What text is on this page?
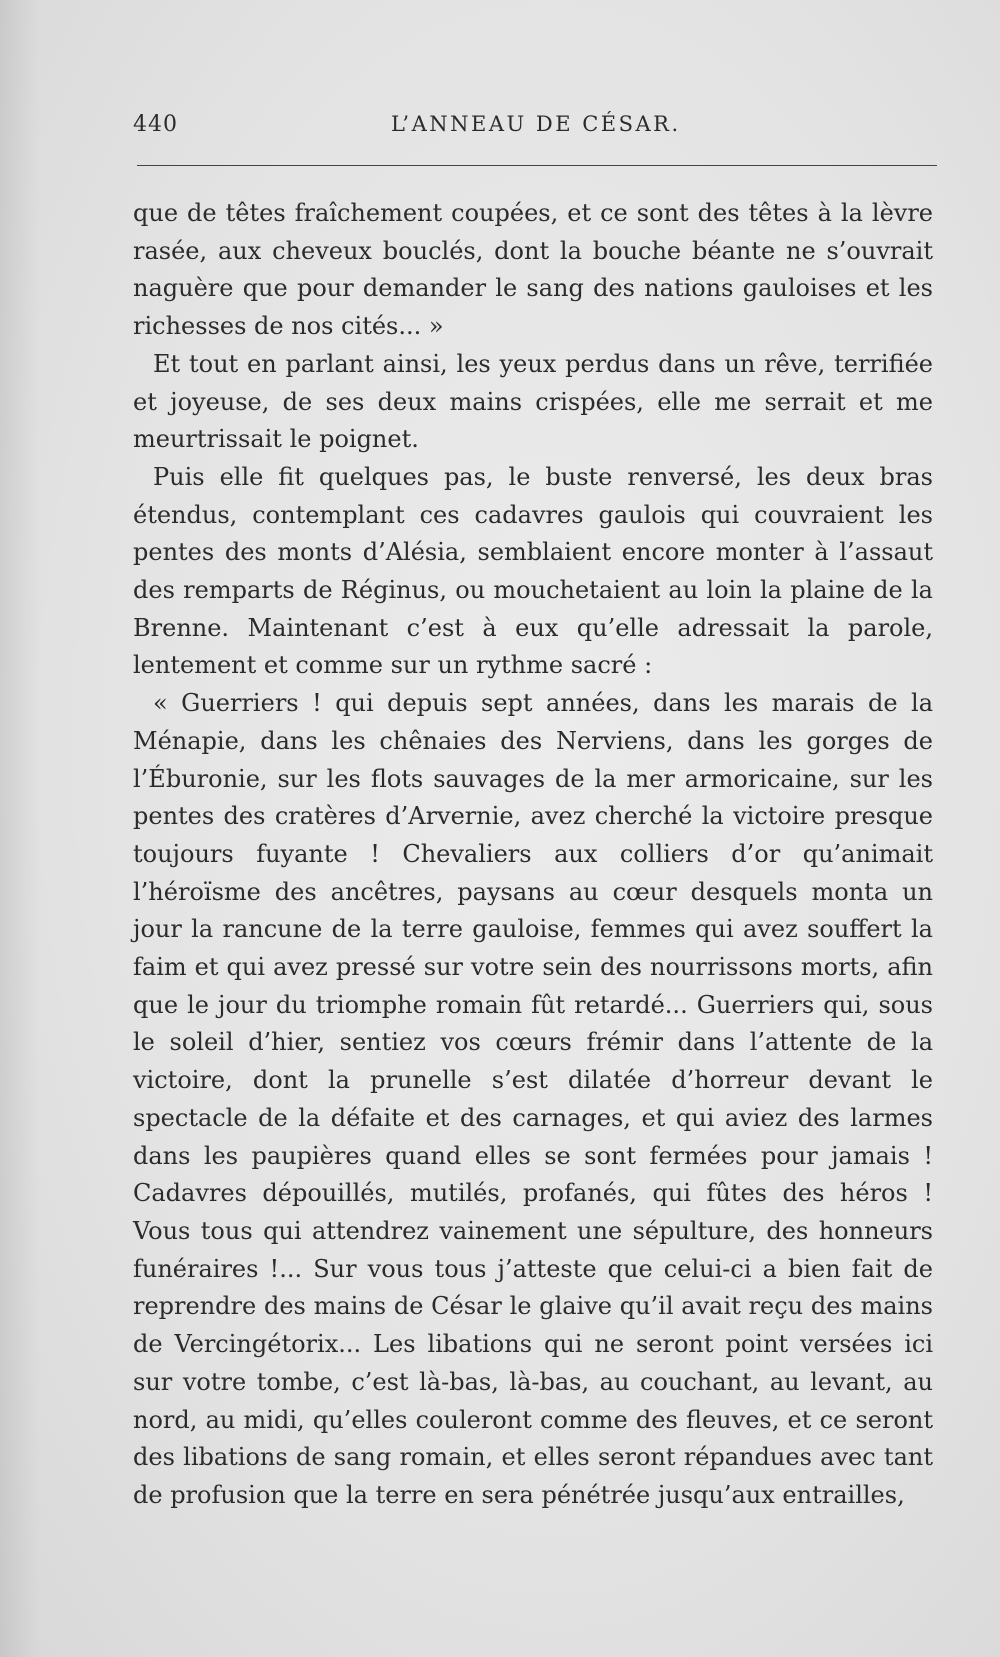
440	L’ANNEAU DE CÉSAR.

que de têtes fraîchement coupées, et ce sont des têtes à la lèvre rasée, aux cheveux bouclés, dont la bouche béante ne s’ouvrait naguère que pour demander le sang des nations gauloises et les richesses de nos cités... »

Et tout en parlant ainsi, les yeux perdus dans un rêve, terrifiée et joyeuse, de ses deux mains crispées, elle me serrait et me meurtrissait le poignet.

Puis elle fit quelques pas, le buste renversé, les deux bras étendus, contemplant ces cadavres gaulois qui couvraient les pentes des monts d’Alésia, semblaient encore monter à l’assaut des remparts de Réginus, ou mouchetaient au loin la plaine de la Brenne. Maintenant c’est à eux qu’elle adressait la parole, lentement et comme sur un rythme sacré :

« Guerriers ! qui depuis sept années, dans les marais de la Ménapie, dans les chênaies des Nerviens, dans les gorges de l’Éburonie, sur les flots sauvages de la mer armoricaine, sur les pentes des cratères d’Arvernie, avez cherché la victoire presque toujours fuyante ! Chevaliers aux colliers d’or qu’animait l’héroïsme des ancêtres, paysans au cœur desquels monta un jour la rancune de la terre gauloise, femmes qui avez souffert la faim et qui avez pressé sur votre sein des nourrissons morts, afin que le jour du triomphe romain fût retardé... Guerriers qui, sous le soleil d’hier, sentiez vos cœurs frémir dans l’attente de la victoire, dont la prunelle s’est dilatée d’horreur devant le spectacle de la défaite et des carnages, et qui aviez des larmes dans les paupières quand elles se sont fermées pour jamais ! Cadavres dépouillés, mutilés, profanés, qui fûtes des héros ! Vous tous qui attendrez vainement une sépulture, des honneurs funéraires !... Sur vous tous j’atteste que celui-ci a bien fait de reprendre des mains de César le glaive qu’il avait reçu des mains de Vercingétorix... Les libations qui ne seront point versées ici sur votre tombe, c’est là-bas, là-bas, au couchant, au levant, au nord, au midi, qu’elles couleront comme des fleuves, et ce seront des libations de sang romain, et elles seront répandues avec tant de profusion que la terre en sera pénétrée jusqu’aux entrailles,
